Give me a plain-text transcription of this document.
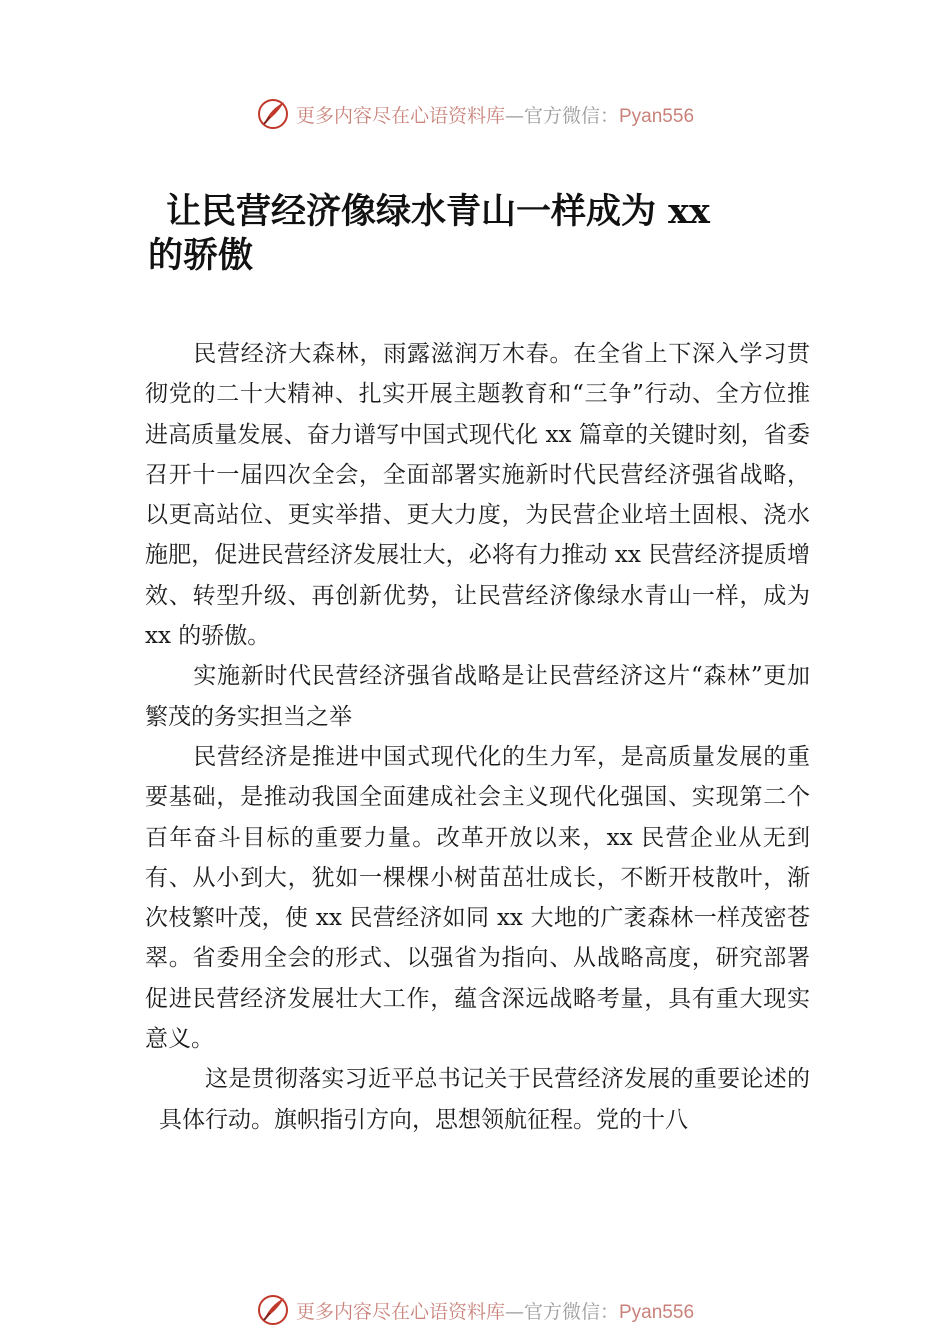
更多内容尽在心语资料库—官方微信：Pyan556
让民营经济像绿水青山一样成为 xx
的骄傲

民营经济大森林，雨露滋润万木春。在全省上下深入学习贯彻党的二十大精神、扎实开展主题教育和“三争”行动、全方位推进高质量发展、奋力谱写中国式现代化 xx 篇章的关键时刻，省委召开十一届四次全会，全面部署实施新时代民营经济强省战略，以更高站位、更实举措、更大力度，为民营企业培土固根、浇水施肥，促进民营经济发展壮大，必将有力推动 xx 民营经济提质增效、转型升级、再创新优势，让民营经济像绿水青山一样，成为 xx 的骄傲。

实施新时代民营经济强省战略是让民营经济这片“森林”更加繁茂的务实担当之举

民营经济是推进中国式现代化的生力军，是高质量发展的重要基础，是推动我国全面建成社会主义现代化强国、实现第二个百年奋斗目标的重要力量。改革开放以来，xx 民营企业从无到有、从小到大，犹如一棵棵小树苗茁壮成长，不断开枝散叶，渐次枝繁叶茂，使 xx 民营经济如同 xx 大地的广袤森林一样茂密苍翠。省委用全会的形式、以强省为指向、从战略高度，研究部署促进民营经济发展壮大工作，蕴含深远战略考量，具有重大现实意义。

这是贯彻落实习近平总书记关于民营经济发展的重要论述的具体行动。旗帜指引方向，思想领航征程。党的十八

更多内容尽在心语资料库—官方微信：Pyan556
